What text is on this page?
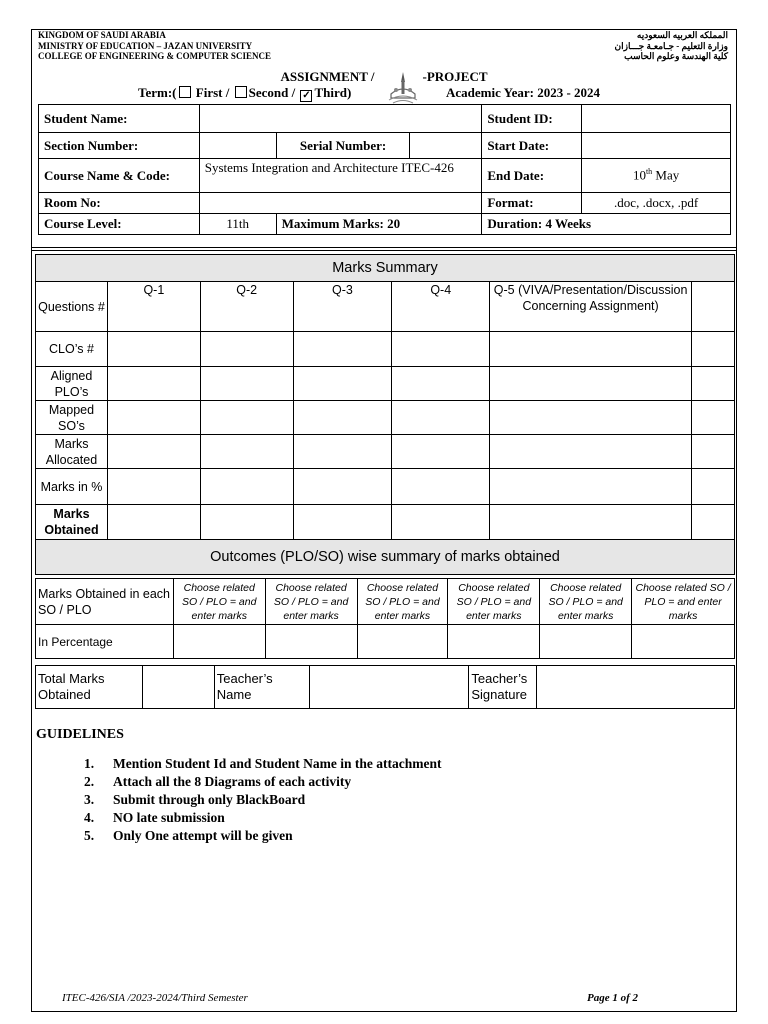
KINGDOM OF SAUDI ARABIA
MINISTRY OF EDUCATION – JAZAN UNIVERSITY
COLLEGE OF ENGINEERING & COMPUTER SCIENCE
المملكه العربيه السعوديه
وزارة التعليم - جـامعـة جـــازان
كلية الهندسة وعلوم الحاسب
ASSIGNMENT /	-PROJECT
Term:( First / Second / ✓ Third)	Academic Year: 2023 - 2024
Student Name:				Student ID:	
Section Number:		Serial Number:		Start Date:	
Course Name & Code:	Systems Integration and Architecture ITEC-426			End Date:	10th May
Room No:				Format:	.doc, .docx, .pdf
Course Level:	11th	Maximum Marks: 20		Duration: 4 Weeks	
Marks Summary						
Questions #	Q-1	Q-2	Q-3	Q-4	Q-5 (VIVA/Presentation/Discussion Concerning Assignment)	
CLO’s #						
Aligned PLO’s						
Mapped SO’s						
Marks Allocated						
Marks in %						
Marks Obtained						
Outcomes (PLO/SO) wise summary of marks obtained						
Marks Obtained in each SO / PLO	Choose related SO / PLO = and enter marks	Choose related SO / PLO = and enter marks	Choose related SO / PLO = and enter marks	Choose related SO / PLO = and enter marks	Choose related SO / PLO = and enter marks	Choose related SO / PLO = and enter marks
In Percentage						
Total Marks Obtained		Teacher’s Name		Teacher’s Signature	
GUIDELINES
1. Mention Student Id and Student Name in the attachment
2. Attach all the 8 Diagrams of each activity
3. Submit through only BlackBoard
4. NO late submission
5. Only One attempt will be given
ITEC-426/SIA /2023-2024/Third Semester	Page 1 of 2
